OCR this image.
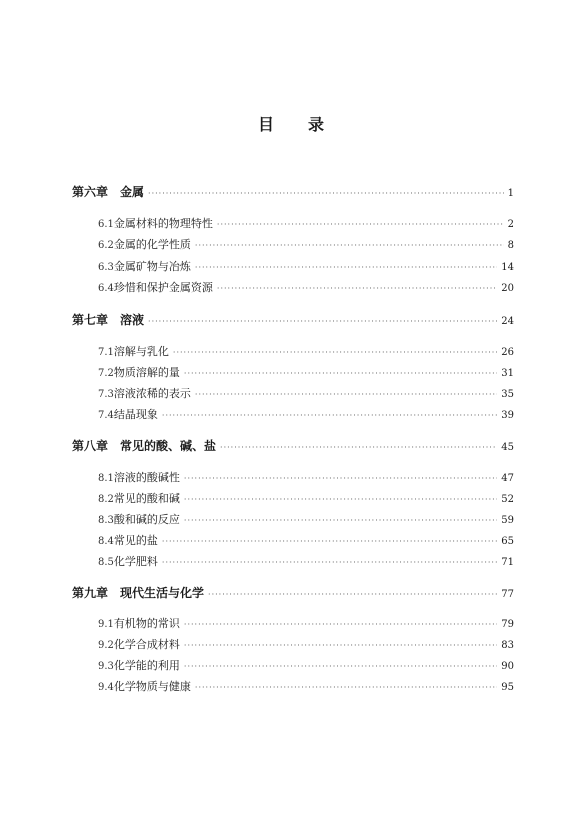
目 录
第六章 金属 ·····	1
6.1 金属材料的物理特性 ·····	2
6.2 金属的化学性质 ·····	8
6.3 金属矿物与冶炼 ·····	14
6.4 珍惜和保护金属资源 ·····	20
第七章 溶液 ·····	24
7.1 溶解与乳化 ·····	26
7.2 物质溶解的量 ·····	31
7.3 溶液浓稀的表示 ·····	35
7.4 结晶现象 ·····	39
第八章 常见的酸、碱、盐 ·····	45
8.1 溶液的酸碱性 ·····	47
8.2 常见的酸和碱 ·····	52
8.3 酸和碱的反应 ·····	59
8.4 常见的盐 ·····	65
8.5 化学肥料 ·····	71
第九章 现代生活与化学 ·····	77
9.1 有机物的常识 ·····	79
9.2 化学合成材料 ·····	83
9.3 化学能的利用 ·····	90
9.4 化学物质与健康 ·····	95
